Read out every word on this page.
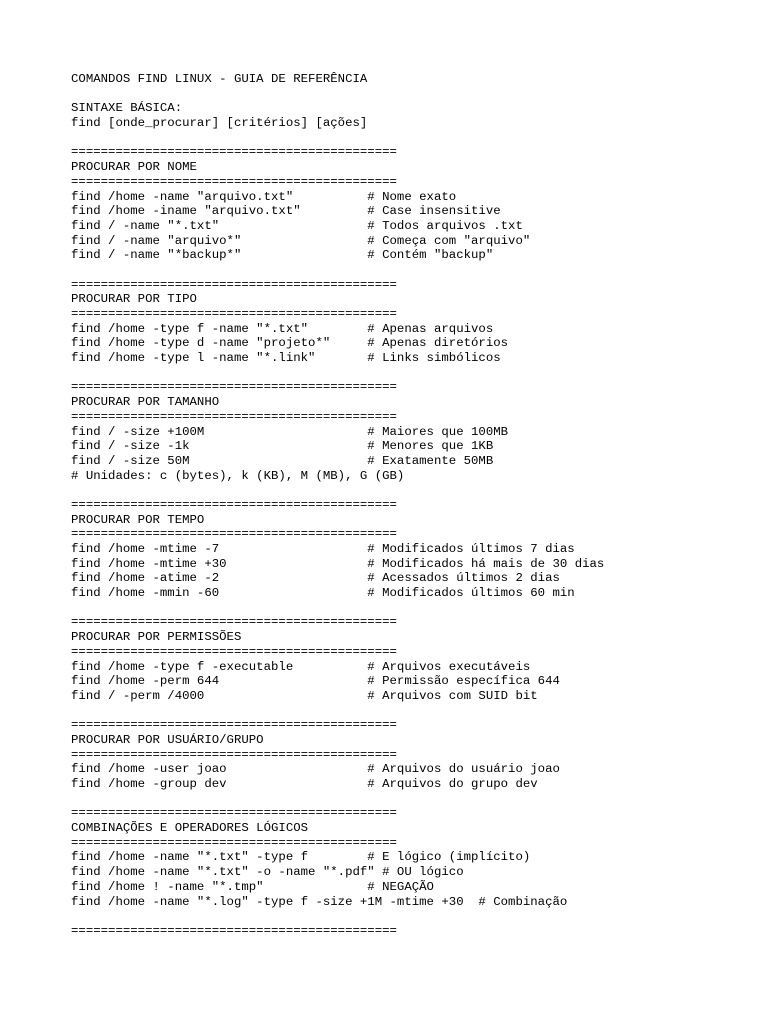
COMANDOS FIND LINUX - GUIA DE REFERÊNCIA
SINTAXE BÁSICA:
find [onde_procurar] [critérios] [ações]
============================================
PROCURAR POR NOME
============================================
find /home -name "arquivo.txt"          # Nome exato
find /home -iname "arquivo.txt"         # Case insensitive
find / -name "*.txt"                    # Todos arquivos .txt
find / -name "arquivo*"                 # Começa com "arquivo"
find / -name "*backup*"                 # Contém "backup"
============================================
PROCURAR POR TIPO
============================================
find /home -type f -name "*.txt"        # Apenas arquivos
find /home -type d -name "projeto*"     # Apenas diretórios
find /home -type l -name "*.link"       # Links simbólicos
============================================
PROCURAR POR TAMANHO
============================================
find / -size +100M                      # Maiores que 100MB
find / -size -1k                        # Menores que 1KB
find / -size 50M                        # Exatamente 50MB
# Unidades: c (bytes), k (KB), M (MB), G (GB)
============================================
PROCURAR POR TEMPO
============================================
find /home -mtime -7                    # Modificados últimos 7 dias
find /home -mtime +30                   # Modificados há mais de 30 dias
find /home -atime -2                    # Acessados últimos 2 dias
find /home -mmin -60                    # Modificados últimos 60 min
============================================
PROCURAR POR PERMISSÕES
============================================
find /home -type f -executable          # Arquivos executáveis
find /home -perm 644                    # Permissão específica 644
find / -perm /4000                      # Arquivos com SUID bit
============================================
PROCURAR POR USUÁRIO/GRUPO
============================================
find /home -user joao                   # Arquivos do usuário joao
find /home -group dev                   # Arquivos do grupo dev
============================================
COMBINAÇÕES E OPERADORES LÓGICOS
============================================
find /home -name "*.txt" -type f        # E lógico (implícito)
find /home -name "*.txt" -o -name "*.pdf" # OU lógico
find /home ! -name "*.tmp"              # NEGAÇÃO
find /home -name "*.log" -type f -size +1M -mtime +30  # Combinação
============================================
